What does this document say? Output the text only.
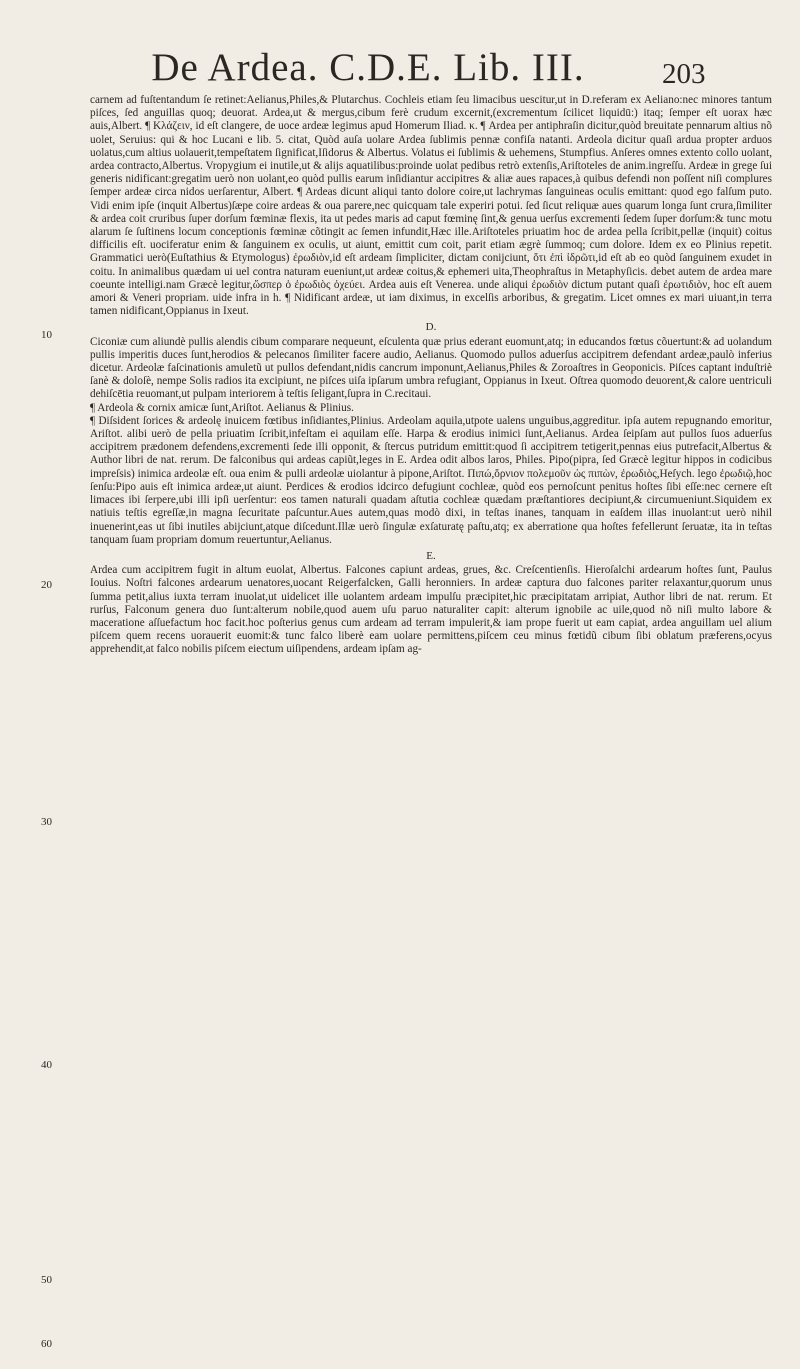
De Ardea. C.D.E. Lib. III.	203
10
20
30
40
50
60

carnem ad fuſtentandum ſe retinet:Aelianus,Philes,& Plutarchus. Cochleis etiam ſeu limacibus uescitur,ut in D.referam ex Aeliano:nec minores tantum piſces, ſed anguillas quoq; deuorat. Ardea,ut & mergus,cibum ferè crudum excernit,(excrementum ſcilicet liquidū:) itaq; ſemper eſt uorax hæc auis,Albert. ¶ Κλάζειν, id eſt clangere, de uoce ardeæ legimus apud Homerum Iliad. κ. ¶ Ardea per antiphraſin dicitur,quòd breuitate pennarum altius nõ uolet, Seruius: qui & hoc Lucani e lib. 5. citat, Quòd auſa uolare Ardea ſublimis pennæ confiſa natanti. Ardeola dicitur quaſi ardua propter arduos uolatus,cum altius uolauerit,tempeſtatem ſignificat,Iſidorus & Albertus. Volatus ei ſublimis & uehemens, Stumpfius. Anſeres omnes extento collo uolant, ardea contracto,Albertus. Vropygium ei inutile,ut & alijs aquatilibus:proinde uolat pedibus retrò extenſis,Ariſtoteles de anim.ingreſſu. Ardeæ in grege ſui generis nidificant:gregatim uerò non uolant,eo quòd pullis earum inſidiantur accipitres & aliæ aues rapaces,à quibus defendi non poſſent niſi complures ſemper ardeæ circa nidos uerſarentur, Albert. ¶ Ardeas dicunt aliqui tanto dolore coire,ut lachrymas ſanguineas oculis emittant: quod ego falſum puto. Vidi enim ipſe (inquit Albertus)ſæpe coire ardeas & oua parere,nec quicquam tale experiri potui. ſed ſicut reliquæ aues quarum longa ſunt crura,ſimiliter & ardea coit cruribus ſuper dorſum fœminæ flexis, ita ut pedes maris ad caput fœminę ſint,& genua uerſus excrementi ſedem ſuper dorſum:& tunc motu alarum ſe ſuſtinens locum conceptionis fœminæ cõtingit ac ſemen infundit,Hæc ille.Ariſtoteles priuatim hoc de ardea pella ſcribit,pellæ (inquit) coitus difficilis eſt. uociferatur enim & ſanguinem ex oculis, ut aiunt, emittit cum coit, parit etiam ægrè ſummoq; cum dolore. Idem ex eo Plinius repetit. Grammatici uerò(Euſtathius & Etymologus) ἐρωδιὸν,id eſt ardeam ſimpliciter, dictam conijciunt, ὅτι ἐπὶ ἰδρῶτι,id eſt ab eo quòd ſanguinem exudet in coitu. In animalibus quædam ui uel contra naturam eueniunt,ut ardeæ coitus,& ephemeri uita,Theophraſtus in Metaphyſicis. debet autem de ardea mare coeunte intelligi.nam Græcè legitur,ὥσπερ ὁ ἐρωδιὸς ὀχεύει. Ardea auis eſt Venerea. unde aliqui ἐρωδιὸν dictum putant quaſi ἐρωτιδιὸν, hoc eſt auem amori & Veneri propriam. uide infra in h. ¶ Nidificant ardeæ, ut iam diximus, in excelſis arboribus, & gregatim. Licet omnes ex mari uiuant,in terra tamen nidificant,Oppianus in Ixeut.

D.

Ciconiæ cum aliundè pullis alendis cibum comparare nequeunt, eſculenta quæ prius ederant euomunt,atq; in educandos fœtus cõuertunt:& ad uolandum pullis imperitis duces ſunt,herodios & pelecanos ſimiliter facere audio, Aelianus. Quomodo pullos aduerſus accipitrem defendant ardeæ,paulò inferius dicetur. Ardeolæ faſcinationis amuletũ ut pullos defendant,nidis cancrum imponunt,Aelianus,Philes & Zoroaſtres in Geoponicis. Piſces captant induſtriè ſanè & doloſè, nempe Solis radios ita excipiunt, ne piſces uiſa ipſarum umbra refugiant, Oppianus in Ixeut. Oſtrea quomodo deuorent,& calore uentriculi dehiſcētia reuomant,ut pulpam interiorem à teſtis ſeligant,ſupra in C.recitaui.

¶ Ardeola & cornix amicæ ſunt,Ariſtot. Aelianus & Plinius.

¶ Diſsident ſorices & ardeolę inuicem fœtibus inſidiantes,Plinius. Ardeolam aquila,utpote ualens unguibus,aggreditur. ipſa autem repugnando emoritur, Ariſtot. alibi uerò de pella priuatim ſcribit,infeſtam ei aquilam eſſe. Harpa & erodius inimici ſunt,Aelianus. Ardea ſeipſam aut pullos ſuos aduerſus accipitrem prædonem defendens,excrementi ſede illi opponit, & ſtercus putridum emittit:quod ſi accipitrem tetigerit,pennas eius putrefacit,Albertus & Author libri de nat. rerum. De falconibus qui ardeas capiũt,leges in E. Ardea odit albos laros, Philes. Pipo(pipra, ſed Græcè legitur hippos in codicibus impreſsis) inimica ardeolæ eſt. oua enim & pulli ardeolæ uiolantur à pipone,Ariſtot. Πιπώ,ὄρνιον πολεμοῦν ὡς πιπὼν, ἐρωδιὸς,Heſych. lego ἐρωδιῷ,hoc ſenſu:Pipo auis eſt inimica ardeæ,ut aiunt. Perdices & erodios idcirco defugiunt cochleæ, quòd eos pernoſcunt penitus hoſtes ſibi eſſe:nec cernere eſt limaces ibi ſerpere,ubi illi ipſi uerſentur: eos tamen naturali quadam aſtutia cochleæ quædam præſtantiores decipiunt,& circumueniunt.Siquidem ex natiuis teſtis egreſſæ,in magna ſecuritate paſcuntur.Aues autem,quas modò dixi, in teſtas inanes, tanquam in eaſdem illas inuolant:ut uerò nihil inuenerint,eas ut ſibi inutiles abijciunt,atque diſcedunt.Illæ uerò ſingulæ exſaturatę paſtu,atq; ex aberratione qua hoſtes fefellerunt ſeruatæ, ita in teſtas tanquam ſuam propriam domum reuertuntur,Aelianus.

E.

Ardea cum accipitrem fugit in altum euolat, Albertus. Falcones capiunt ardeas, grues, &c. Creſcentienſis. Hieroſalchi ardearum hoſtes ſunt, Paulus Iouius. Noſtri falcones ardearum uenatores,uocant Reigerfalcken, Galli heronniers. In ardeæ captura duo falcones pariter relaxantur,quorum unus ſumma petit,alius iuxta terram inuolat,ut uidelicet ille uolantem ardeam impulſu præcipitet,hic præcipitatam arripiat, Author libri de nat. rerum. Et rurſus, Falconum genera duo ſunt:alterum nobile,quod auem uſu paruo naturaliter capit: alterum ignobile ac uile,quod nõ niſi multo labore & maceratione aſſuefactum hoc facit.hoc poſterius genus cum ardeam ad terram impulerit,& iam prope fuerit ut eam capiat, ardea anguillam uel alium piſcem quem recens uorauerit euomit:& tunc falco liberè eam uolare permittens,piſcem ceu minus fœtidũ cibum ſibi oblatum præferens,ocyus apprehendit,at falco nobilis piſcem eiectum uiſipendens, ardeam ipſam ag-
